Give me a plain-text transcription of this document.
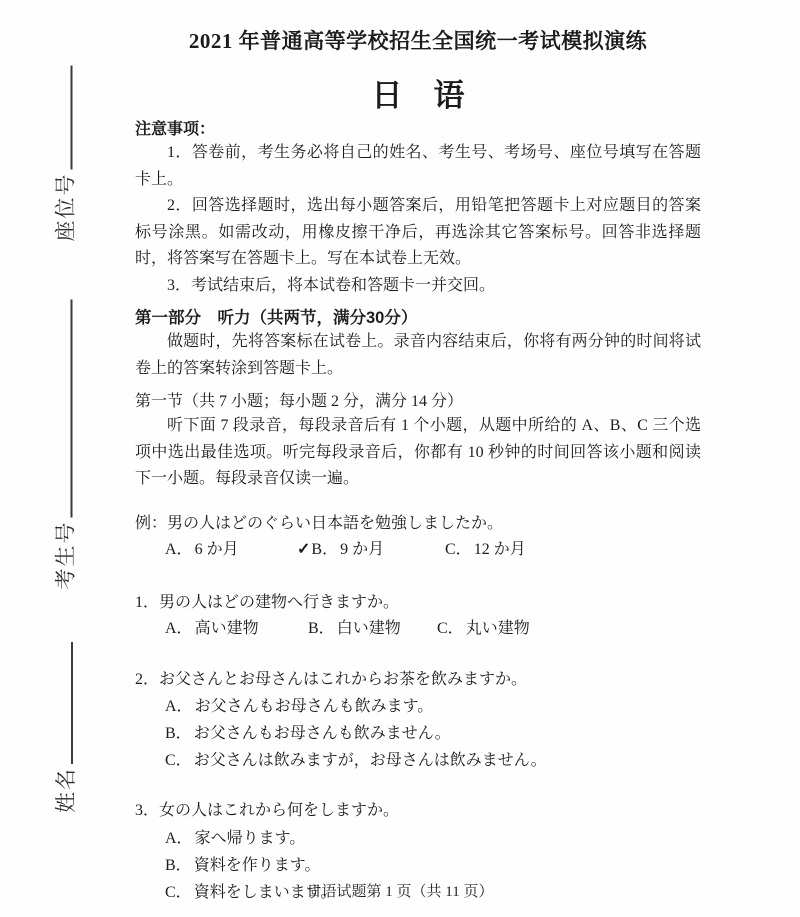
座位号
考生号
姓名
2021 年普通高等学校招生全国统一考试模拟演练
日　语
注意事项：

1．答卷前，考生务必将自己的姓名、考生号、考场号、座位号填写在答题卡上。

2．回答选择题时，选出每小题答案后，用铅笔把答题卡上对应题目的答案标号涂黑。如需改动，用橡皮擦干净后，再选涂其它答案标号。回答非选择题时，将答案写在答题卡上。写在本试卷上无效。

3．考试结束后，将本试卷和答题卡一并交回。

第一部分　听力（共两节，满分30分）

做题时，先将答案标在试卷上。录音内容结束后，你将有两分钟的时间将试卷上的答案转涂到答题卡上。

第一节（共 7 小题；每小题 2 分，满分 14 分）

听下面 7 段录音，每段录音后有 1 个小题，从题中所给的 A、B、C 三个选项中选出最佳选项。听完每段录音后，你都有 10 秒钟的时间回答该小题和阅读下一小题。每段录音仅读一遍。

例：男の人はどのぐらい日本語を勉強しましたか。
A． 6 か月	✓B． 9 か月	C． 12 か月
1．男の人はどの建物へ行きますか。
A． 高い建物	B． 白い建物 C． 丸い建物
2．お父さんとお母さんはこれからお茶を飲みますか。
A． お父さんもお母さんも飲みます。
B． お父さんもお母さんも飲みません。
C． お父さんは飲みますが，お母さんは飲みません。
3．女の人はこれから何をしますか。
A． 家へ帰ります。
B． 資料を作ります。
C． 資料をしまいます。
日语试题第 1 页（共 11 页）
